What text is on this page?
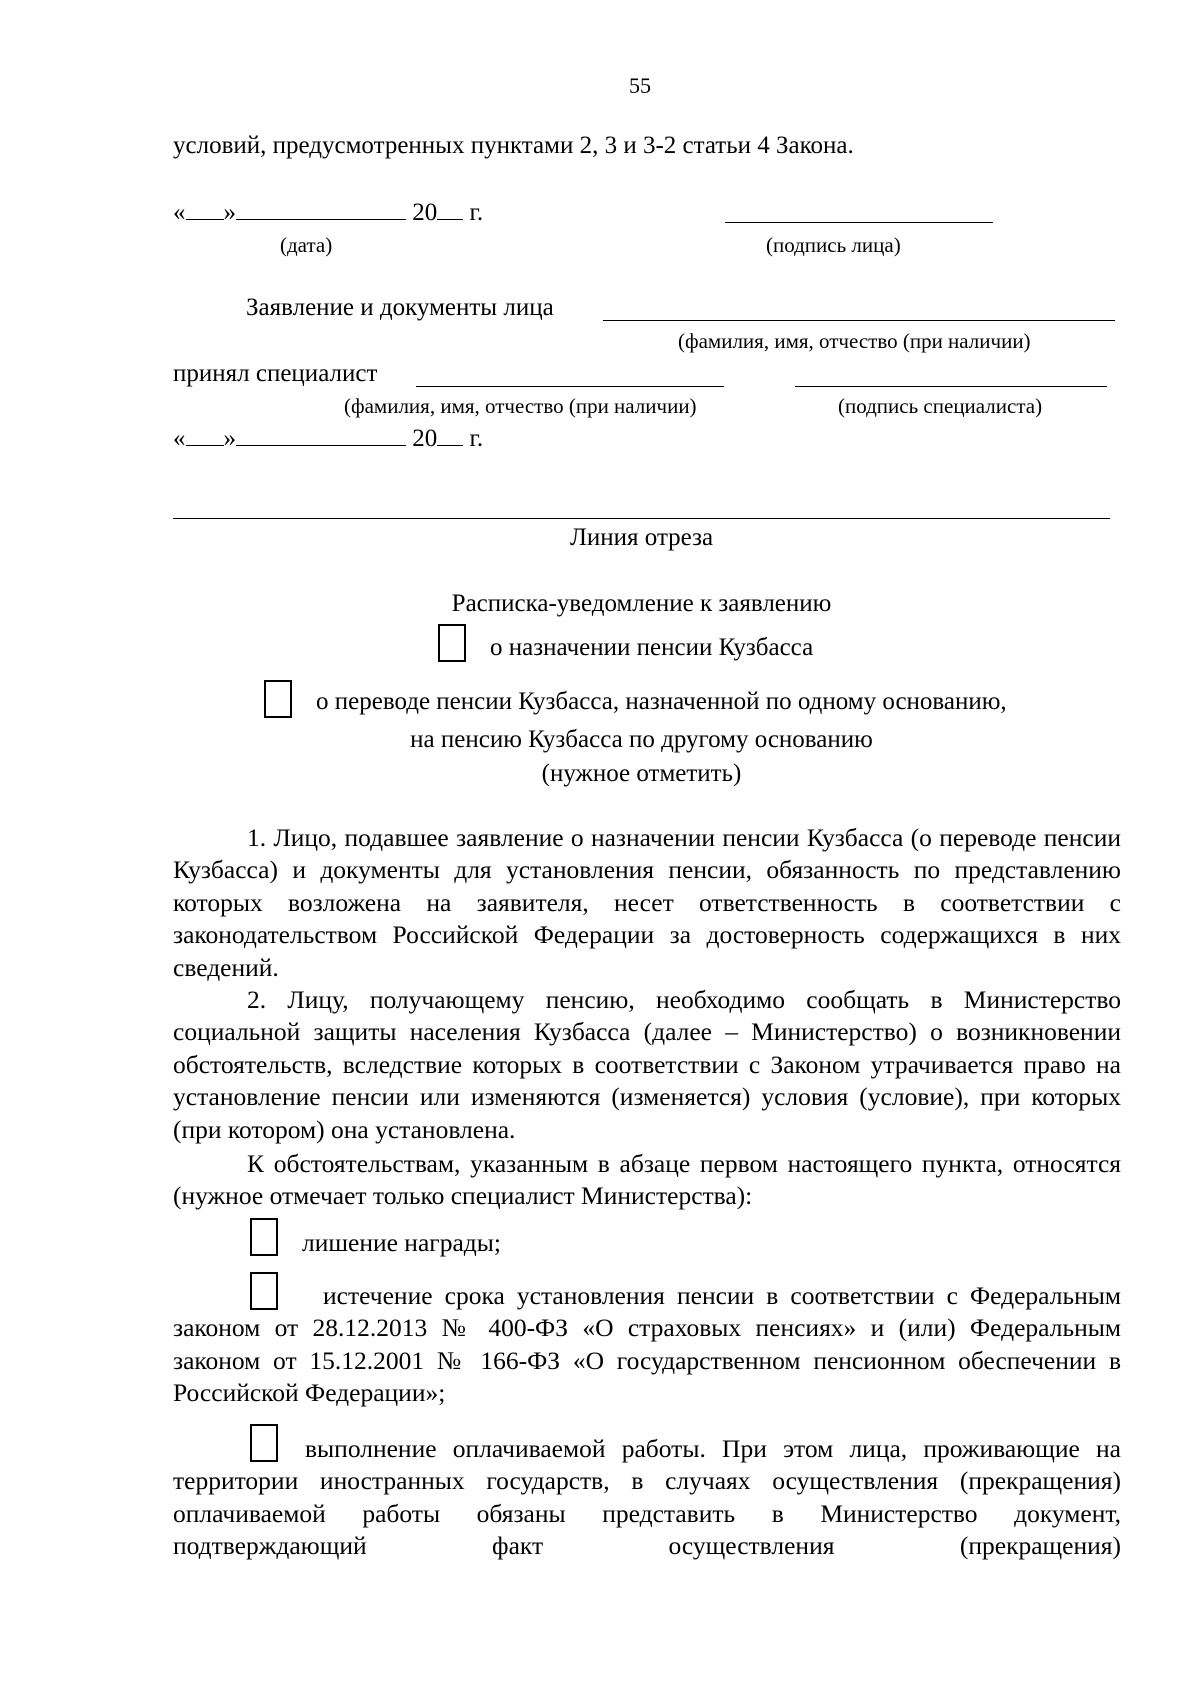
55
условий, предусмотренных пунктами 2, 3 и 3-2 статьи 4 Закона.
« »	20 г.
(дата)	(подпись лица)
Заявление и документы лица
(фамилия, имя, отчество (при наличии)
принял специалист
(фамилия, имя, отчество (при наличии)	(подпись специалиста)
« »	20 г.
Линия отреза
Расписка-уведомление к заявлению
о назначении пенсии Кузбасса
о переводе пенсии Кузбасса, назначенной по одному основанию,
на пенсию Кузбасса по другому основанию
(нужное отметить)
1. Лицо, подавшее заявление о назначении пенсии Кузбасса (о переводе пенсии Кузбасса) и документы для установления пенсии, обязанность по представлению которых возложена на заявителя, несет ответственность в соответствии с законодательством Российской Федерации за достоверность содержащихся в них сведений.
2. Лицу, получающему пенсию, необходимо сообщать в Министерство социальной защиты населения Кузбасса (далее – Министерство) о возникновении обстоятельств, вследствие которых в соответствии с Законом утрачивается право на установление пенсии или изменяются (изменяется) условия (условие), при которых (при котором) она установлена.
К обстоятельствам, указанным в абзаце первом настоящего пункта, относятся (нужное отмечает только специалист Министерства):
лишение награды;
истечение срока установления пенсии в соответствии с Федеральным законом от 28.12.2013 № 400-ФЗ «О страховых пенсиях» и (или) Федеральным законом от 15.12.2001 № 166-ФЗ «О государственном пенсионном обеспечении в Российской Федерации»;
выполнение оплачиваемой работы. При этом лица, проживающие на территории иностранных государств, в случаях осуществления (прекращения) оплачиваемой работы обязаны представить в Министерство документ, подтверждающий факт осуществления (прекращения)
